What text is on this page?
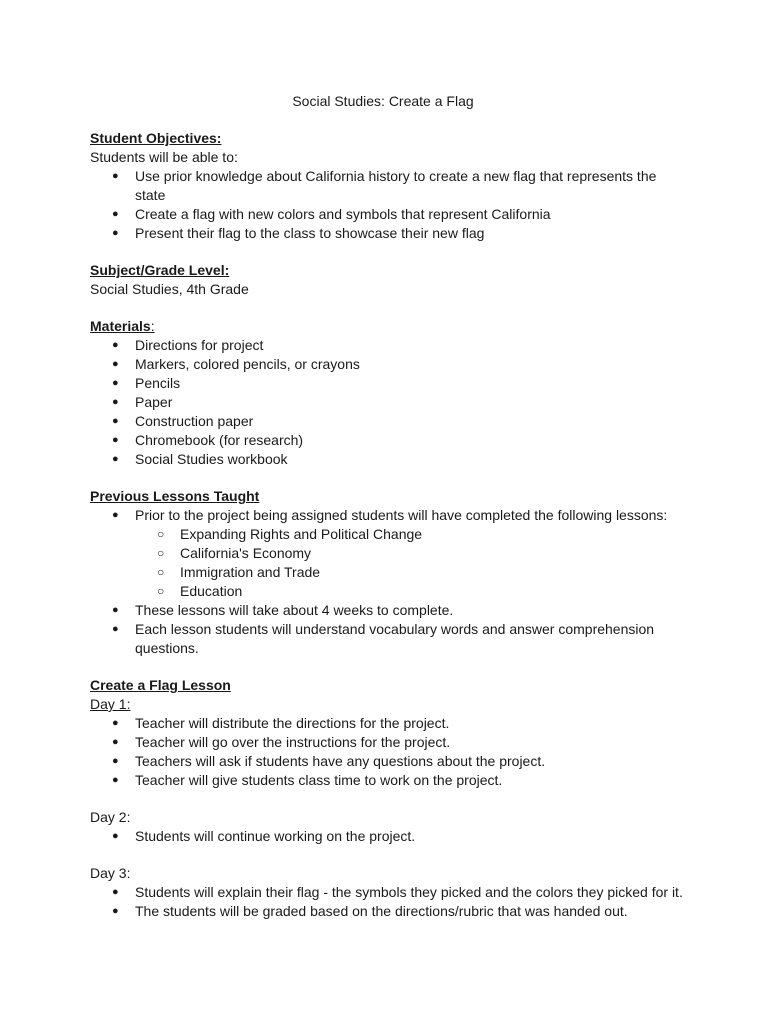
Social Studies: Create a Flag
Student Objectives:
Students will be able to:
● Use prior knowledge about California history to create a new flag that represents the state
● Create a flag with new colors and symbols that represent California
● Present their flag to the class to showcase their new flag
Subject/Grade Level:
Social Studies, 4th Grade
Materials:
● Directions for project
● Markers, colored pencils, or crayons
● Pencils
● Paper
● Construction paper
● Chromebook (for research)
● Social Studies workbook
Previous Lessons Taught
● Prior to the project being assigned students will have completed the following lessons:
○ Expanding Rights and Political Change
○ California's Economy
○ Immigration and Trade
○ Education
● These lessons will take about 4 weeks to complete.
● Each lesson students will understand vocabulary words and answer comprehension questions.
Create a Flag Lesson
Day 1:
● Teacher will distribute the directions for the project.
● Teacher will go over the instructions for the project.
● Teachers will ask if students have any questions about the project.
● Teacher will give students class time to work on the project.
Day 2:
● Students will continue working on the project.
Day 3:
● Students will explain their flag - the symbols they picked and the colors they picked for it.
● The students will be graded based on the directions/rubric that was handed out.
